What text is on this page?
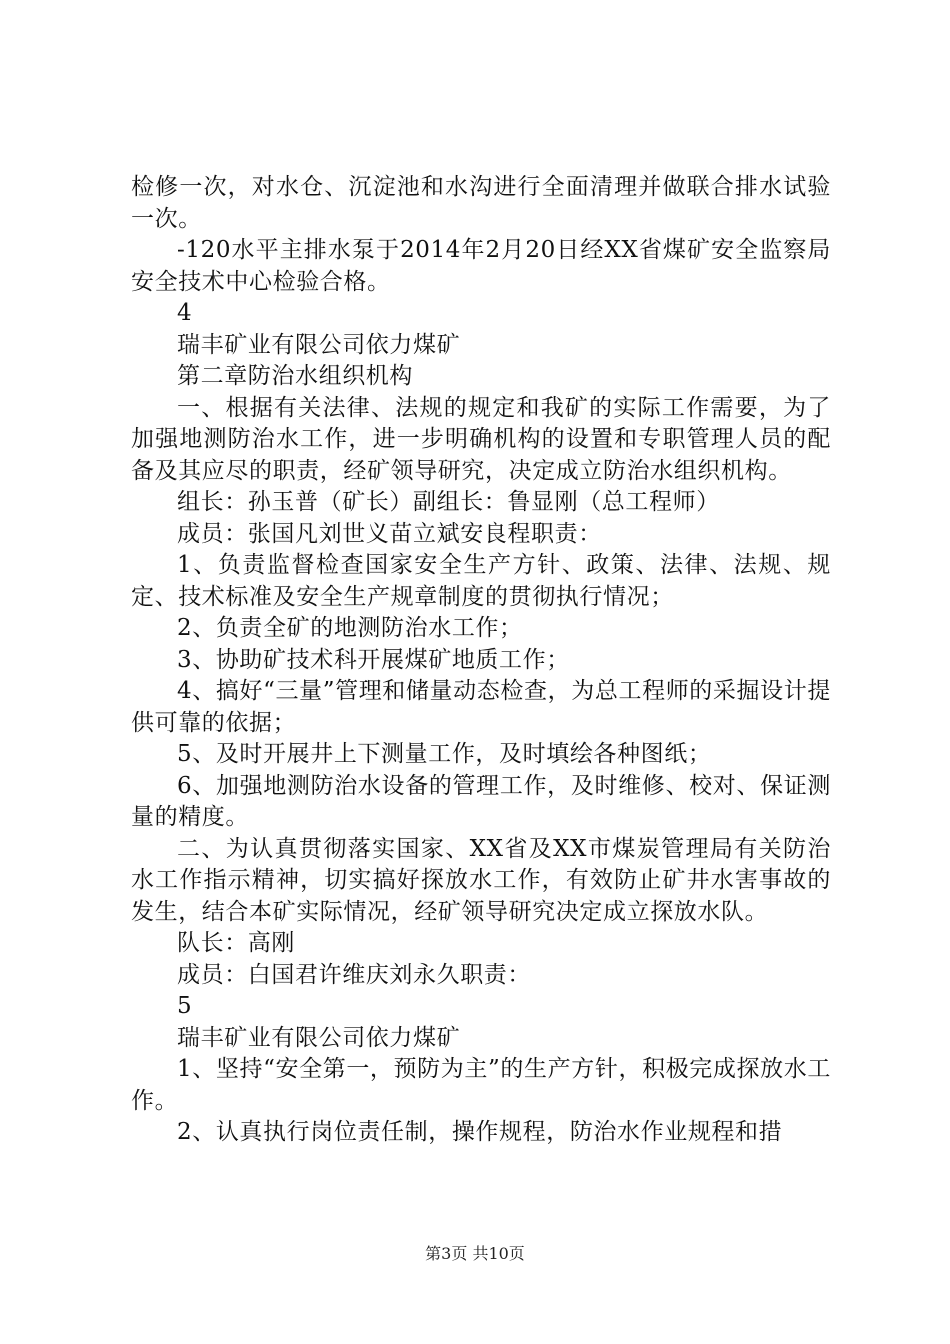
检修一次，对水仓、沉淀池和水沟进行全面清理并做联合排水试验一次。

-120水平主排水泵于2014年2月20日经XX省煤矿安全监察局安全技术中心检验合格。

4

瑞丰矿业有限公司依力煤矿

第二章防治水组织机构

一、根据有关法律、法规的规定和我矿的实际工作需要，为了加强地测防治水工作，进一步明确机构的设置和专职管理人员的配备及其应尽的职责，经矿领导研究，决定成立防治水组织机构。

组长：孙玉普（矿长）副组长：鲁显刚（总工程师）

成员：张国凡刘世义苗立斌安良程职责：

1、负责监督检查国家安全生产方针、政策、法律、法规、规定、技术标准及安全生产规章制度的贯彻执行情况；

2、负责全矿的地测防治水工作；

3、协助矿技术科开展煤矿地质工作；

4、搞好“三量”管理和储量动态检查，为总工程师的采掘设计提供可靠的依据；

5、及时开展井上下测量工作，及时填绘各种图纸；

6、加强地测防治水设备的管理工作，及时维修、校对、保证测量的精度。

二、为认真贯彻落实国家、XX省及XX市煤炭管理局有关防治水工作指示精神，切实搞好探放水工作，有效防止矿井水害事故的发生，结合本矿实际情况，经矿领导研究决定成立探放水队。

队长：高刚

成员：白国君许维庆刘永久职责：

5

瑞丰矿业有限公司依力煤矿

1、坚持“安全第一，预防为主”的生产方针，积极完成探放水工作。

2、认真执行岗位责任制，操作规程，防治水作业规程和措

第3页 共10页
